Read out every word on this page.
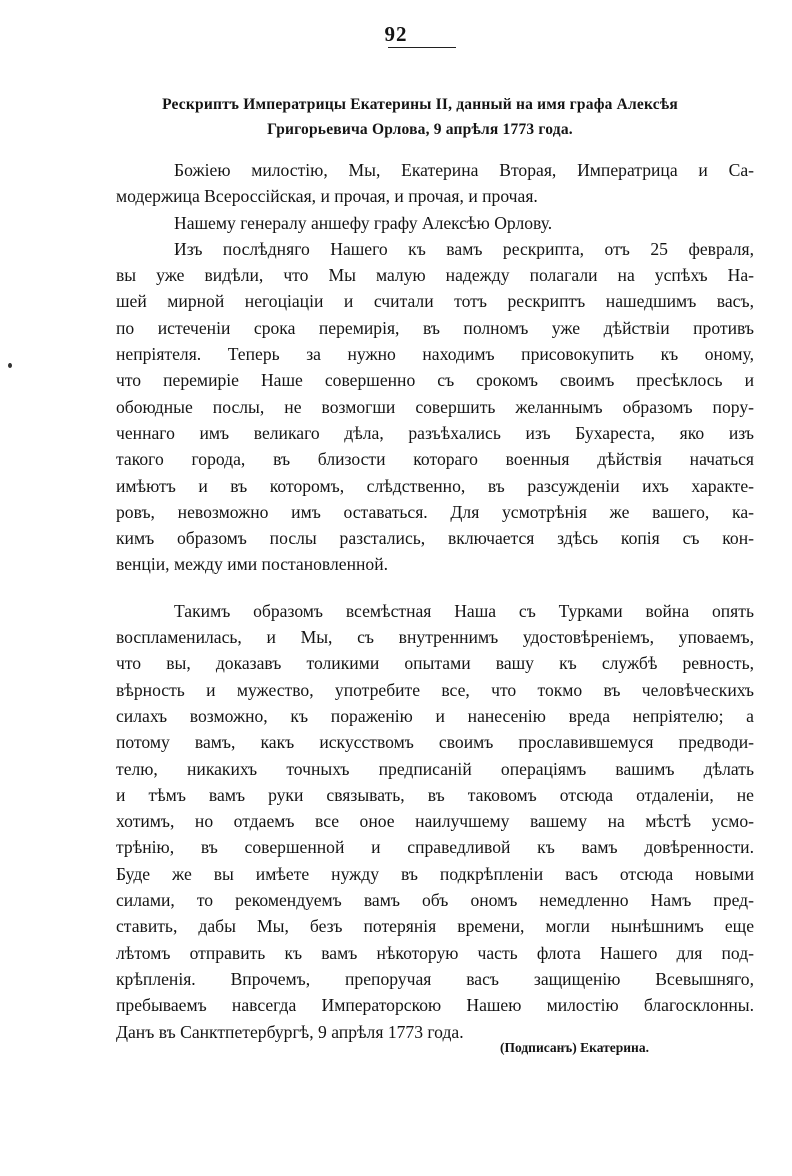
92
Рескриптъ Императрицы Екатерины II, данный на имя графа Алексѣя
Григорьевича Орлова, 9 апрѣля 1773 года.

Божіею милостію, Мы, Екатерина Вторая, Императрица и Са-
модержица Всероссійская, и прочая, и прочая, и прочая.

Нашему генералу аншефу графу Алексѣю Орлову.

Изъ послѣдняго Нашего къ вамъ рескрипта, отъ 25 февраля,
вы уже видѣли, что Мы малую надежду полагали на успѣхъ На-
шей мирной негоціаціи и считали тотъ рескриптъ нашедшимъ васъ,
по истеченіи срока перемирія, въ полномъ уже дѣйствіи противъ
непріятеля. Теперь за нужно находимъ присовокупить къ оному,
что перемиріе Наше совершенно съ срокомъ своимъ пресѣклось и
обоюдные послы, не возмогши совершить желаннымъ образомъ пору-
ченнаго имъ великаго дѣла, разъѣхались изъ Бухареста, яко изъ
такого города, въ близости котораго военныя дѣйствія начаться
имѣютъ и въ которомъ, слѣдственно, въ разсужденіи ихъ характе-
ровъ, невозможно имъ оставаться. Для усмотрѣнія же вашего, ка-
кимъ образомъ послы разстались, включается здѣсь копія съ кон-
венціи, между ими постановленной.

Такимъ образомъ всемѣстная Наша съ Турками война опять
воспламенилась, и Мы, съ внутреннимъ удостовѣреніемъ, уповаемъ,
что вы, доказавъ толикими опытами вашу къ службѣ ревность,
вѣрность и мужество, употребите все, что токмо въ человѣческихъ
силахъ возможно, къ пораженію и нанесенію вреда непріятелю; а
потому вамъ, какъ искусствомъ своимъ прославившемуся предводи-
телю, никакихъ точныхъ предписаній операціямъ вашимъ дѣлать
и тѣмъ вамъ руки связывать, въ таковомъ отсюда отдаленіи, не
хотимъ, но отдаемъ все оное наилучшему вашему на мѣстѣ усмо-
трѣнію, въ совершенной и справедливой къ вамъ довѣренности.
Буде же вы имѣете нужду въ подкрѣпленіи васъ отсюда новыми
силами, то рекомендуемъ вамъ объ ономъ немедленно Намъ пред-
ставить, дабы Мы, безъ потерянія времени, могли нынѣшнимъ еще
лѣтомъ отправить къ вамъ нѣкоторую часть флота Нашего для под-
крѣпленія. Впрочемъ, препоручая васъ защищенію Всевышняго,
пребываемъ навсегда Императорскою Нашею милостію благосклонны.
Данъ въ Санктпетербургѣ, 9 апрѣля 1773 года.

(Подписанъ) Екатерина.
